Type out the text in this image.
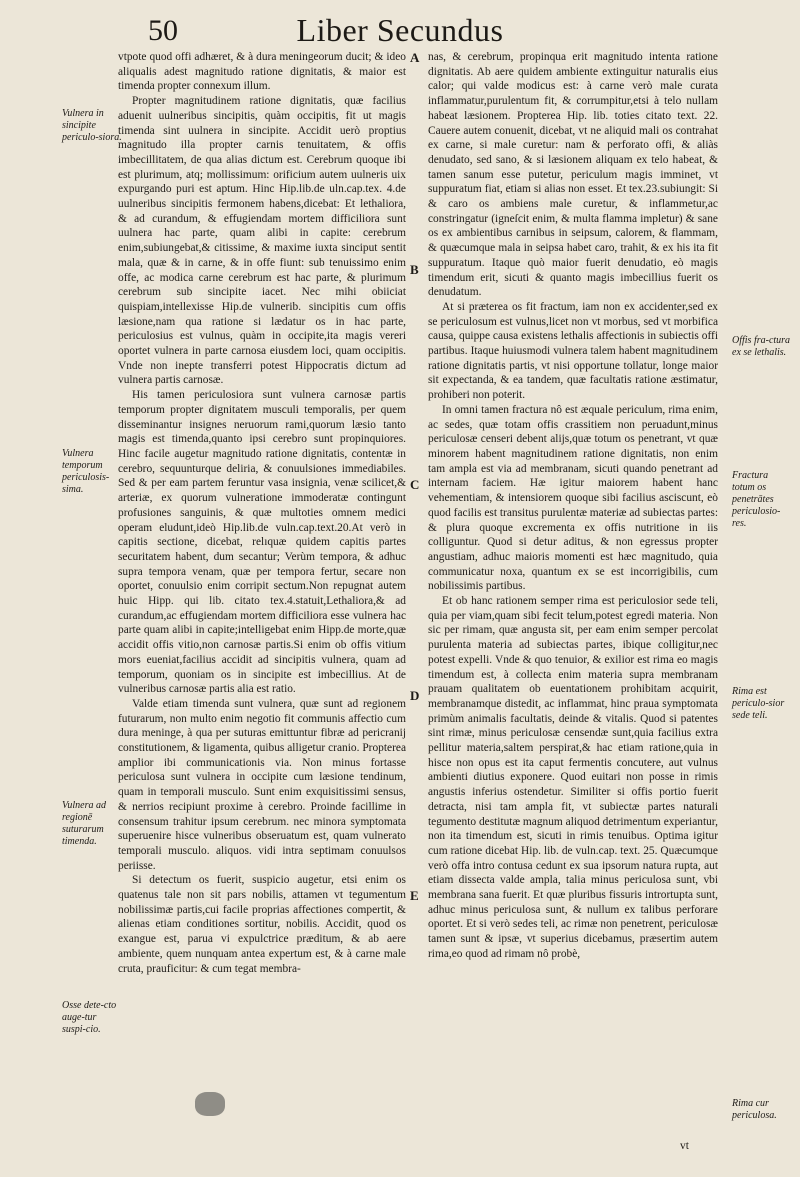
50	Liber Secundus

vtpote quod offi adhæret, & à dura meningeorum ducit; & ideo aliqualis adest magnitudo ratione dignitatis, & maior est timenda propter connexum illum.

Propter magnitudinem ratione dignitatis, quæ facilius aduenit uulneribus sincipitis, quàm occipitis, fit ut magis timenda sint uulnera in sincipite. Accidit uerò proptius magnitudo illa propter carnis tenuitatem, & offis imbecillitatem, de qua alias dictum est. Cerebrum quoque ibi est plurimum, atq; mollissimum: orificium autem uulneris uix expurgando puri est aptum. Hinc Hip.lib.de uln.cap.tex. 4.de uulneribus sincipitis fermonem habens,dicebat: Et lethaliora, & ad curandum, & effugiendam mortem difficiliora sunt uulnera hac parte, quam alibi in capite: cerebrum enim,subiungebat,& citissime, & maxime iuxta sinciput sentit mala, quæ & in carne, & in offe fiunt: sub tenuissimo enim offe, ac modica carne cerebrum est hac parte, & plurimum cerebrum sub sincipite iacet. Nec mihi obiiciat quispiam,intellexisse Hip.de vulnerib. sincipitis cum offis læsione,nam qua ratione si lædatur os in hac parte, periculosius est vulnus, quàm in occipite,ita magis vereri oportet vulnera in parte carnosa eiusdem loci, quam occipitis. Vnde non inepte transferri potest Hippocratis dictum ad vulnera partis carnosæ.

His tamen periculosiora sunt vulnera carnosæ partis temporum propter dignitatem musculi temporalis, per quem disseminantur insignes neruorum rami,quorum læsio tanto magis est timenda,quanto ipsi cerebro sunt propinquiores. Hinc facile augetur magnitudo ratione dignitatis, contentæ in cerebro, sequunturque deliria, & conuulsiones immediabiles. Sed & per eam partem feruntur vasa insignia, venæ scilicet,& arteriæ, ex quorum vulneratione immoderatæ contingunt profusiones sanguinis, & quæ multoties omnem medici operam eludunt,ideò Hip.lib.de vuln.cap.text.20.At verò in capitis sectione, dicebat, relıquæ quidem capitis partes securitatem habent, dum secantur; Verùm tempora, & adhuc supra tempora venam, quæ per tempora fertur, secare non oportet, conuulsio enim corripit sectum.Non repugnat autem huic Hipp. qui lib. citato tex.4.statuit,Lethaliora,& ad curandum,ac effugiendam mortem difficiliora esse vulnera hac parte quam alibi in capite;intelligebat enim Hipp.de morte,quæ accidit offis vitio,non carnosæ partis.Si enim ob offis vitium mors eueniat,facilius accidit ad sincipitis vulnera, quam ad temporum, quoniam os in sincipite est imbecillius. At de vulneribus carnosæ partis alia est ratio.

Valde etiam timenda sunt vulnera, quæ sunt ad regionem futurarum, non multo enim negotio fit communis affectio cum dura meninge, à qua per suturas emittuntur fibræ ad pericranij constitutionem, & ligamenta, quibus alligetur cranio. Propterea amplior ibi communicationis via. Non minus fortasse periculosa sunt vulnera in occipite cum læsione tendinum, quam in temporali musculo. Sunt enim exquisitissimi sensus, & nerrios recipiunt proxime à cerebro. Proinde facillime in consensum trahitur ipsum cerebrum. nec minora symptomata superuenire hisce vulneribus obseruatum est, quam vulnerato temporali musculo. aliquos. vidi intra septimam conuulsos periisse.

Si detectum os fuerit, suspicio augetur, etsi enim os quatenus tale non sit pars nobilis, attamen vt tegumentum nobilissimæ partis,cui facile proprias affectiones compertit, & alienas etiam conditiones sortitur, nobilis. Accidit, quod os exangue est, parua vi expulctrice præditum, & ab aere ambiente, quem nunquam antea expertum est, & à carne male cruta, prauficitur: & cum tegat membra-

nas, & cerebrum, propinqua erit magnitudo intenta ratione dignitatis. Ab aere quidem ambiente extinguitur naturalis eius calor; qui valde modicus est: à carne verò male curata inflammatur,purulentum fit, & corrumpitur,etsi à telo nullam habeat læsionem. Propterea Hip. lib. toties citato text. 22. Cauere autem conuenit, dicebat, vt ne aliquid mali os contrahat ex carne, si male curetur: nam & perforato offi, & aliàs denudato, sed sano, & si læsionem aliquam ex telo habeat, & tamen sanum esse putetur, periculum magis imminet, vt suppuratum fiat, etiam si alias non esset. Et tex.23.subiungit: Si & caro os ambiens male curetur, & inflammetur,ac constringatur (igneſcit enim, & multa flamma impletur) & sane os ex ambientibus carnibus in seipsum, calorem, & flammam, & quæcumque mala in seipsa habet caro, trahit, & ex his ita fit suppuratum. Itaque quò maior fuerit denudatio, eò magis timendum erit, sicuti & quanto magis imbecillius fuerit os denudatum.

At si præterea os fit fractum, iam non ex accidenter,sed ex se periculosum est vulnus,licet non vt morbus, sed vt morbifica causa, quippe causa existens lethalis affectionis in subiectis offi partibus. Itaque huiusmodi vulnera talem habent magnitudinem ratione dignitatis partis, vt nisi opportune tollatur, longe maior sit expectanda, & ea tandem, quæ facultatis ratione æstimatur, prohiberi non poterit.

In omni tamen fractura nô est æquale periculum, rima enim, ac sedes, quæ totam offis crassitiem non peruadunt,minus periculosæ censeri debent alijs,quæ totum os penetrant, vt quæ minorem habent magnitudinem ratione dignitatis, non enim tam ampla est via ad membranam, sicuti quando penetrant ad internam faciem. Hæ igitur maiorem habent hanc vehementiam, & intensiorem quoque sibi facilius asciscunt, eò quod facilis est transitus purulentæ materiæ ad subiectas partes: & plura quoque excrementa ex offis nutritione in iis colliguntur. Quod si detur aditus, & non egressus propter angustiam, adhuc maioris momenti est hæc magnitudo, quia communicatur noxa, quantum ex se est incorrigibilis, cum nobilissimis partibus.

Et ob hanc rationem semper rima est periculosior sede teli, quia per viam,quam sibi fecit telum,potest egredi materia. Non sic per rimam, quæ angusta sit, per eam enim semper percolat purulenta materia ad subiectas partes, ibique colligitur,nec potest expelli. Vnde & quo tenuior, & exilior est rima eo magis timendum est, à collecta enim materia supra membranam prauam qualitatem ob euentationem prohibitam acquirit, membranamque distedit, ac inflammat, hinc praua symptomata primùm animalis facultatis, deinde & vitalis. Quod si patentes sint rimæ, minus periculosæ censendæ sunt,quia facilius extra pellitur materia,saltem perspirat,& hac etiam ratione,quia in hisce non opus est ita caput fermentis concutere, aut vulnus ambienti diutius exponere. Quod euitari non posse in rimis angustis inferius ostendetur. Similiter si offis portio fuerit detracta, nisi tam ampla fit, vt subiectæ partes naturali tegumento destitutæ magnum aliquod detrimentum experiantur, non ita timendum est, sicuti in rimis tenuibus. Optima igitur cum ratione dicebat Hip. lib. de vuln.cap. text. 25. Quæcumque verò offa intro contusa cedunt ex sua ipsorum natura rupta, aut etiam dissecta valde ampla, talia minus periculosa sunt, vbi membrana sana fuerit. Et quæ pluribus fissuris intrortupta sunt, adhuc minus periculosa sunt, & nullum ex talibus perforare oportet. Et si verò sedes teli, ac rimæ non penetrent, periculosæ tamen sunt & ipsæ, vt superius dicebamus, præsertim autem rima,eo quod ad rimam nô probè,

Vulnera in sincipite periculo-siora.
Vulnera temporum periculosis-sima.
Vulnera ad regionē suturarum timenda.
Osse dete-cto auge-tur suspi-cio.
Offis fra-ctura ex se lethalis.
Fractura totum os penetrātes periculosio-res.
Rima est periculo-sior sede teli.
Rima cur periculosa.
A
B
C
D
E
vt
